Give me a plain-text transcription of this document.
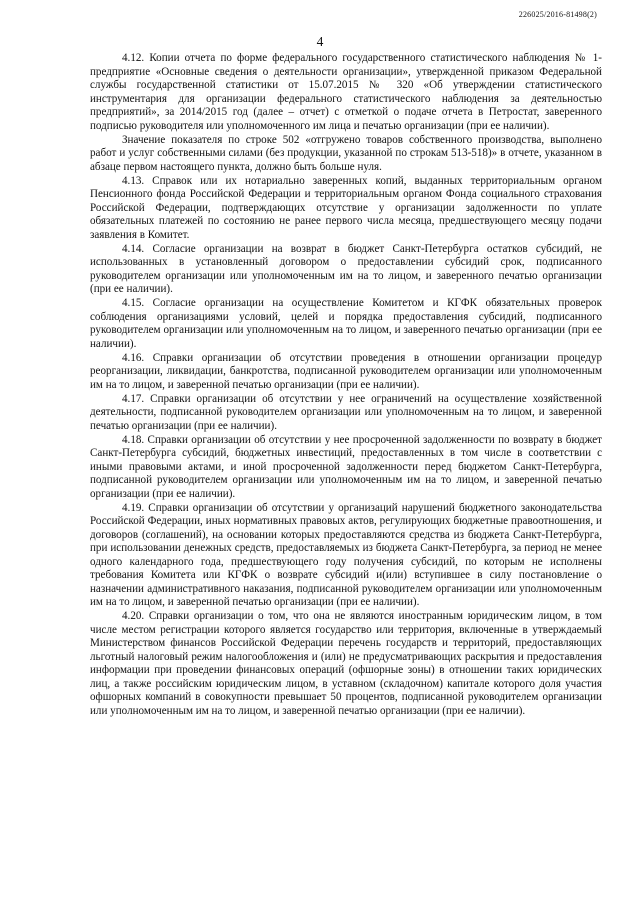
226025/2016-81498(2)
4

4.12. Копии отчета по форме федерального государственного статистического наблюдения № 1-предприятие «Основные сведения о деятельности организации», утвержденной приказом Федеральной службы государственной статистики от 15.07.2015 № 320 «Об утверждении статистического инструментария для организации федерального статистического наблюдения за деятельностью предприятий», за 2014/2015 год (далее – отчет) с отметкой о подаче отчета в Петростат, заверенного подписью руководителя или уполномоченного им лица и печатью организации (при ее наличии).

Значение показателя по строке 502 «отгружено товаров собственного производства, выполнено работ и услуг собственными силами (без продукции, указанной по строкам 513-518)» в отчете, указанном в абзаце первом настоящего пункта, должно быть больше нуля.

4.13. Справок или их нотариально заверенных копий, выданных территориальным органом Пенсионного фонда Российской Федерации и территориальным органом Фонда социального страхования Российской Федерации, подтверждающих отсутствие у организации задолженности по уплате обязательных платежей по состоянию не ранее первого числа месяца, предшествующего месяцу подачи заявления в Комитет.

4.14. Согласие организации на возврат в бюджет Санкт-Петербурга остатков субсидий, не использованных в установленный договором о предоставлении субсидий срок, подписанного руководителем организации или уполномоченным им на то лицом, и заверенного печатью организации (при ее наличии).

4.15. Согласие организации на осуществление Комитетом и КГФК обязательных проверок соблюдения организациями условий, целей и порядка предоставления субсидий, подписанного руководителем организации или уполномоченным на то лицом, и заверенного печатью организации (при ее наличии).

4.16. Справки организации об отсутствии проведения в отношении организации процедур реорганизации, ликвидации, банкротства, подписанной руководителем организации или уполномоченным им на то лицом, и заверенной печатью организации (при ее наличии).

4.17. Справки организации об отсутствии у нее ограничений на осуществление хозяйственной деятельности, подписанной руководителем организации или уполномоченным на то лицом, и заверенной печатью организации (при ее наличии).

4.18. Справки организации об отсутствии у нее просроченной задолженности по возврату в бюджет Санкт-Петербурга субсидий, бюджетных инвестиций, предоставленных в том числе в соответствии с иными правовыми актами, и иной просроченной задолженности перед бюджетом Санкт-Петербурга, подписанной руководителем организации или уполномоченным им на то лицом, и заверенной печатью организации (при ее наличии).

4.19. Справки организации об отсутствии у организаций нарушений бюджетного законодательства Российской Федерации, иных нормативных правовых актов, регулирующих бюджетные правоотношения, и договоров (соглашений), на основании которых предоставляются средства из бюджета Санкт-Петербурга, при использовании денежных средств, предоставляемых из бюджета Санкт-Петербурга, за период не менее одного календарного года, предшествующего году получения субсидий, по которым не исполнены требования Комитета или КГФК о возврате субсидий и(или) вступившее в силу постановление о назначении административного наказания, подписанной руководителем организации или уполномоченным им на то лицом, и заверенной печатью организации (при ее наличии).

4.20. Справки организации о том, что она не являются иностранным юридическим лицом, в том числе местом регистрации которого является государство или территория, включенные в утверждаемый Министерством финансов Российской Федерации перечень государств и территорий, предоставляющих льготный налоговый режим налогообложения и (или) не предусматривающих раскрытия и предоставления информации при проведении финансовых операций (офшорные зоны) в отношении таких юридических лиц, а также российским юридическим лицом, в уставном (складочном) капитале которого доля участия офшорных компаний в совокупности превышает 50 процентов, подписанной руководителем организации или уполномоченным им на то лицом, и заверенной печатью организации (при ее наличии).
